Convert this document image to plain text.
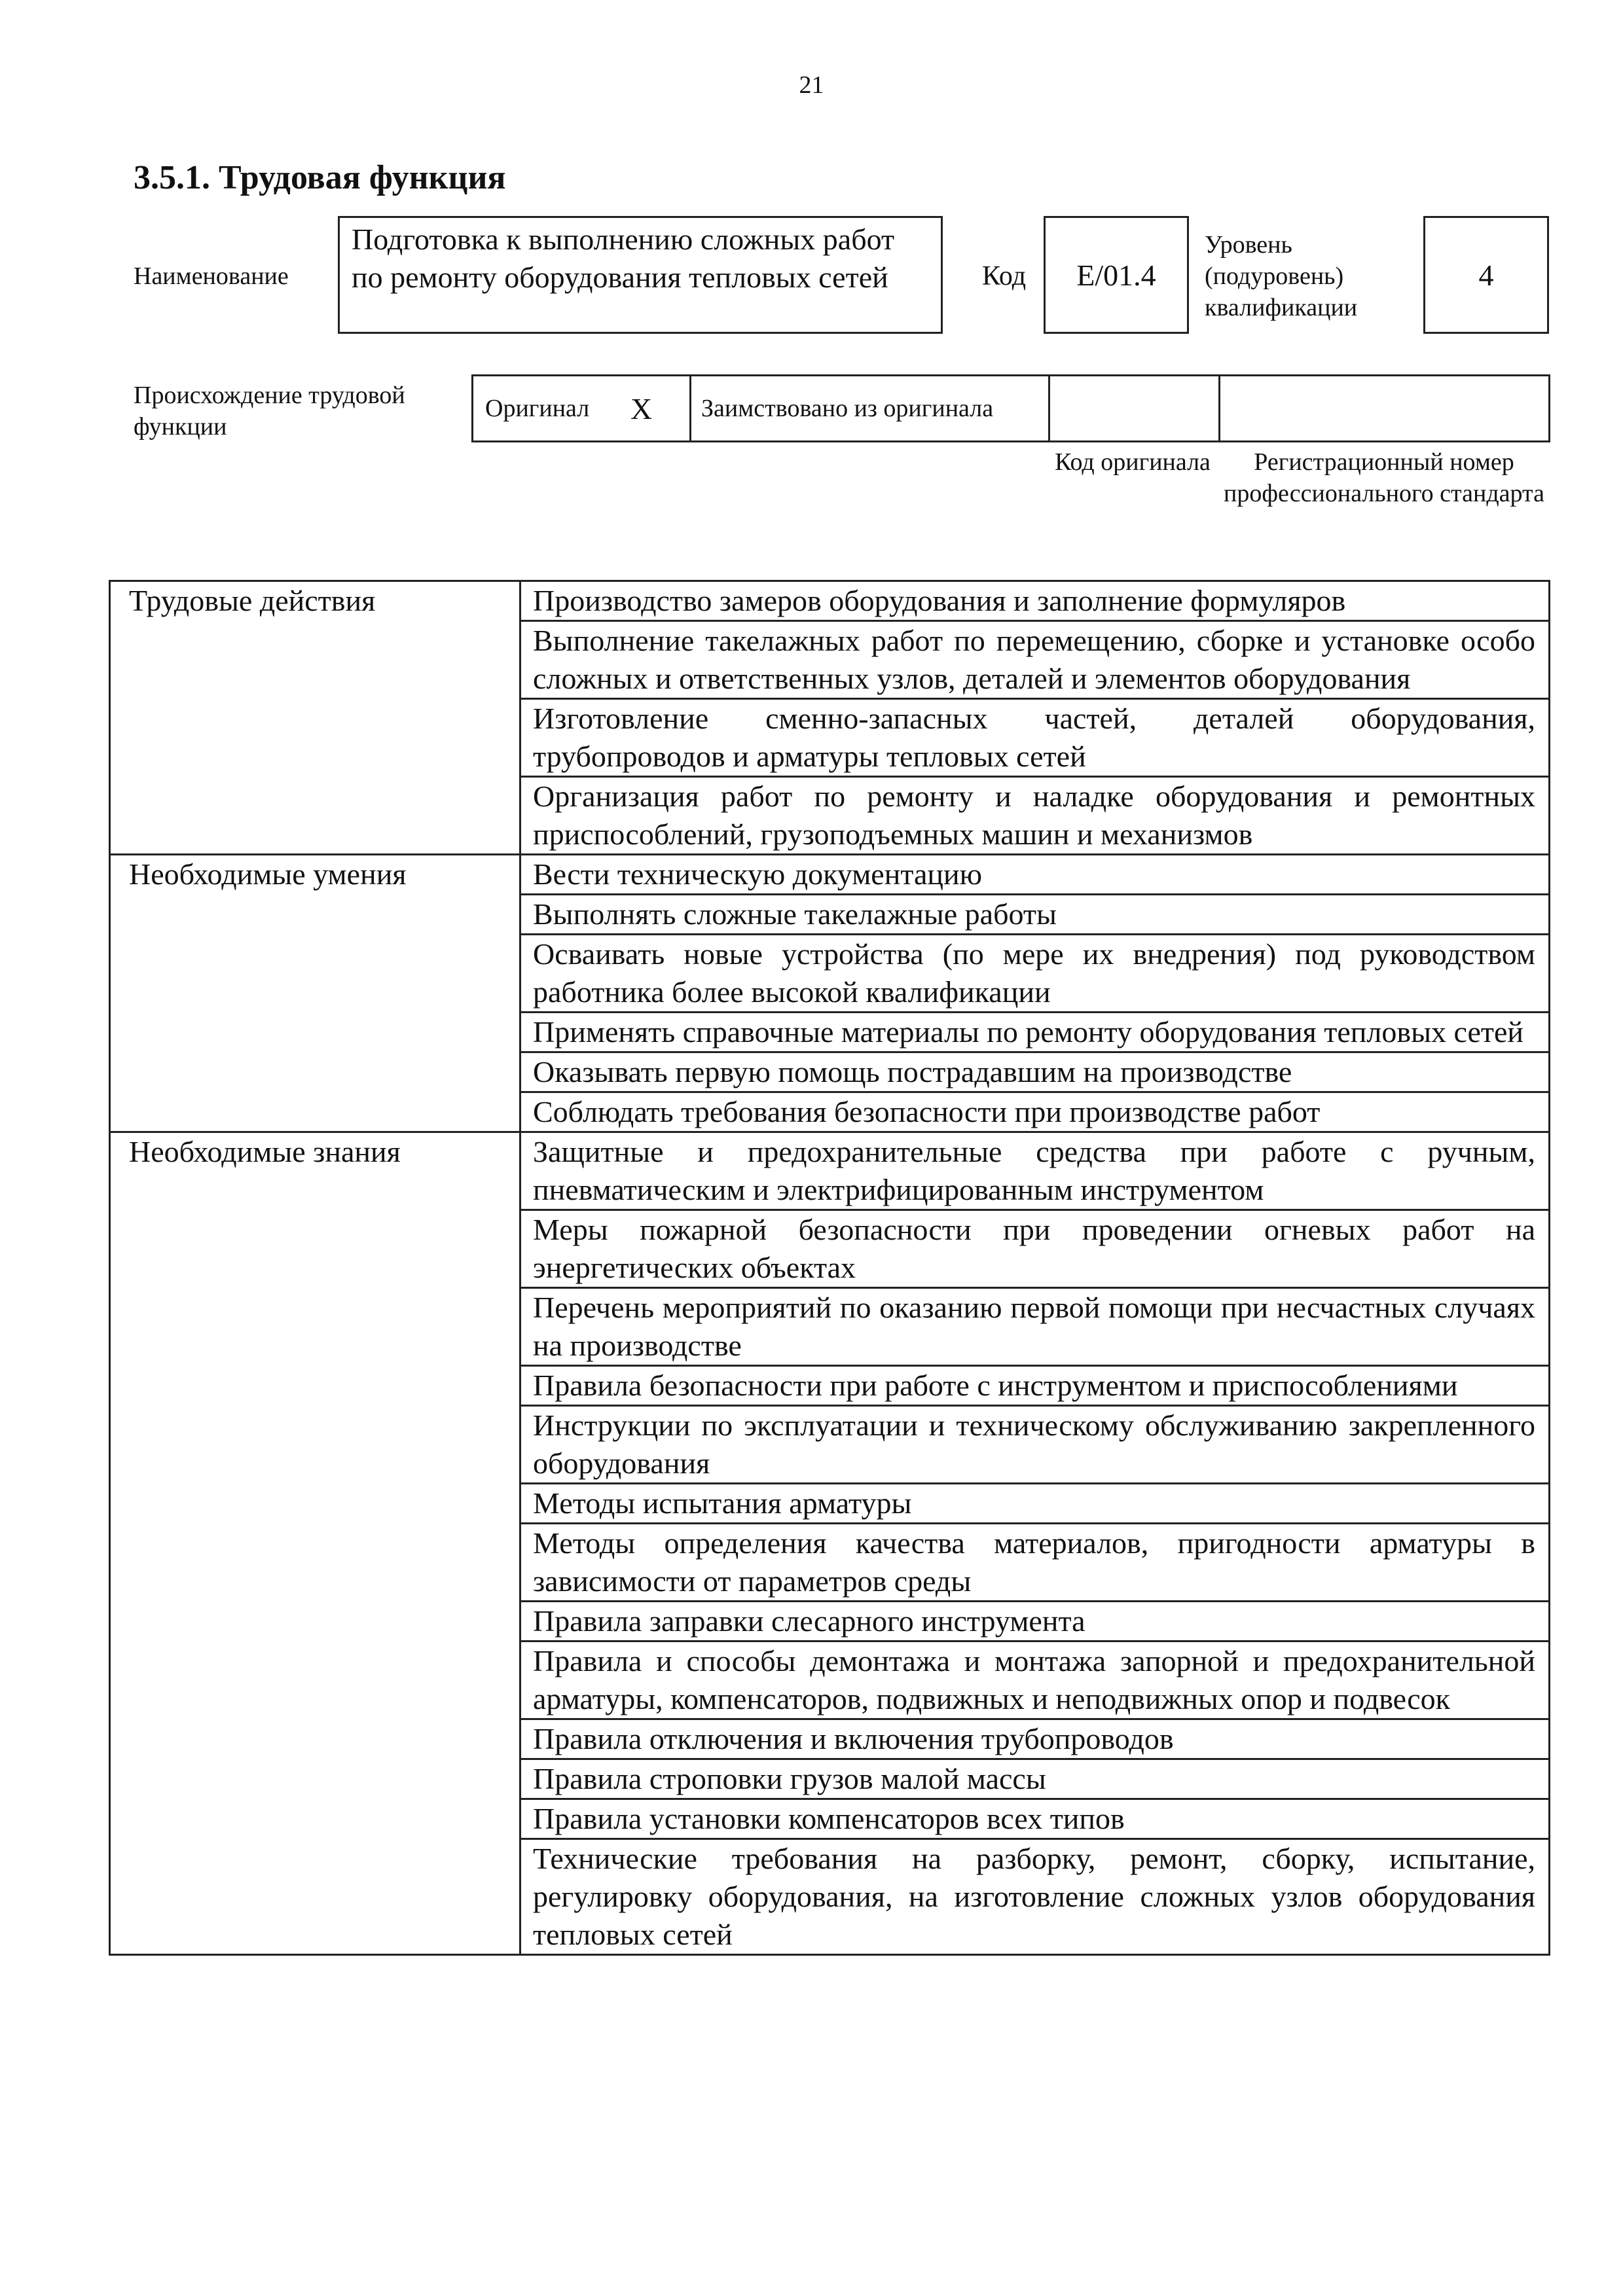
21
3.5.1. Трудовая функция
Наименование
Подготовка к выполнению сложных работ по ремонту оборудования тепловых сетей	Код E/01.4
Уровень (подуровень) квалификации
4
Происхождение трудовой функции
Оригинал X	Заимствовано из оригинала
Код оригинала	Регистрационный номер профессионального стандарта
Трудовые действия	Производство замеров оборудования и заполнение формуляров
	Выполнение такелажных работ по перемещению, сборке и установке особо сложных и ответственных узлов, деталей и элементов оборудования
	Изготовление сменно-запасных частей, деталей оборудования, трубопроводов и арматуры тепловых сетей
	Организация работ по ремонту и наладке оборудования и ремонтных приспособлений, грузоподъемных машин и механизмов
Необходимые умения	Вести техническую документацию
	Выполнять сложные такелажные работы
	Осваивать новые устройства (по мере их внедрения) под руководством работника более высокой квалификации
	Применять справочные материалы по ремонту оборудования тепловых сетей
	Оказывать первую помощь пострадавшим на производстве
	Соблюдать требования безопасности при производстве работ
Необходимые знания	Защитные и предохранительные средства при работе с ручным, пневматическим и электрифицированным инструментом
	Меры пожарной безопасности при проведении огневых работ на энергетических объектах
	Перечень мероприятий по оказанию первой помощи при несчастных случаях на производстве
	Правила безопасности при работе с инструментом и приспособлениями
	Инструкции по эксплуатации и техническому обслуживанию закрепленного оборудования
	Методы испытания арматуры
	Методы определения качества материалов, пригодности арматуры в зависимости от параметров среды
	Правила заправки слесарного инструмента
	Правила и способы демонтажа и монтажа запорной и предохранительной арматуры, компенсаторов, подвижных и неподвижных опор и подвесок
	Правила отключения и включения трубопроводов
	Правила строповки грузов малой массы
	Правила установки компенсаторов всех типов
	Технические требования на разборку, ремонт, сборку, испытание, регулировку оборудования, на изготовление сложных узлов оборудования тепловых сетей
